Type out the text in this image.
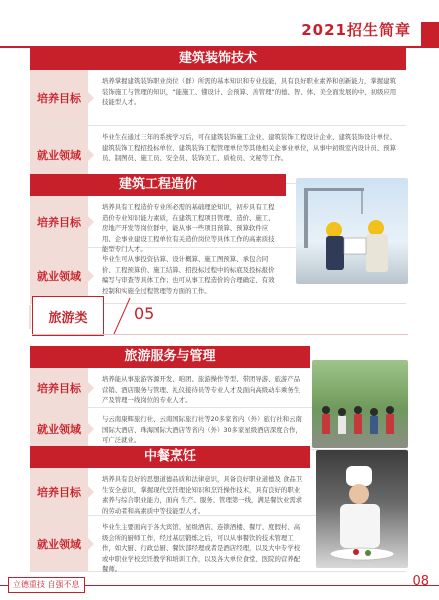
2021招生简章
建筑装饰技术
培养目标
培养掌握建筑装饰职业岗位（群）所需的基本知识和专业技能，具有良好职业素养和创新能力，掌握建筑装饰施工与管理的知识，“能施工、懂设计、会预算、善管理”的德、智、体、美全面发展的中、初级应用技能型人才。
就业领域
毕业生在通过三年的系统学习后，可在建筑装饰施工企业、建筑装饰工程设计企业、建筑装饰设计单位、建筑装饰工程招投标单位、建筑装饰工程管理单位等其他相关企事业单位，从事中初级室内设计员、预算员、制图员、施工员、安全员、装饰美工、质检员、文秘等工作。
建筑工程造价
培养目标
培养具有工程造价专业所必需的基础理论知识，初步具有工程造价专业知识能力素质，在建筑工程项目管理、造价、施工、房地产开发等岗位群中，能从事一些项目预算、预算软件应用、企事业建设工程单位有关造价岗位等具体工作的高素质技能型专门人才。
就业领域
毕业生可从事投资估算、设计概算、施工图预算、承包合同价、工程预算价、施工结算、招投标过程中的标底及投标报价编写与审查等具体工作；也可从事工程造价的合理确定、有效控制和实施全过程管理等方面的工作。
旅游类	05
旅游服务与管理
培养目标
培养能从事旅游客源开发、咱团、旅游操作等型、带团导游、旅游产品营销、酒店服务与管理、礼仪接待员等专业人才及面向高级动车乘务生产及管理一线岗位的专业人才。
就业领域
与云南康辉旅行社、云南国际旅行社等20多家省内（外）旅行社和云南国际大酒店、珠海国际大酒店等省内（外）30多家星级酒店深度合作，可广泛就业。
中餐烹饪
培养目标
培养具有良好的思想道德品质和法律意识，具备良好职业道德及 食品卫生安全意识，掌握现代烹饪理论知识和烹饪操作技术，具有良好的职业素养与综合职业能力，面向 生产、服务、管理第一线，满足餐饮业需求的劳动者和高素质中等技能型人才。
就业领域
毕业生主要面向于各大宾馆、星级酒店、连锁酒楼、餐厅、度假村、高级会所的厨师工作，经过基层锻炼之后，可以从事餐饮的技术管理工作，如大厨、行政总厨、餐饮部经理或者是酒店经理，以及大中专学校或中职业学校烹饪教学和培训工作，以及各大单位食堂、医院的营养配餐师。
立德重技 自强不息	08
